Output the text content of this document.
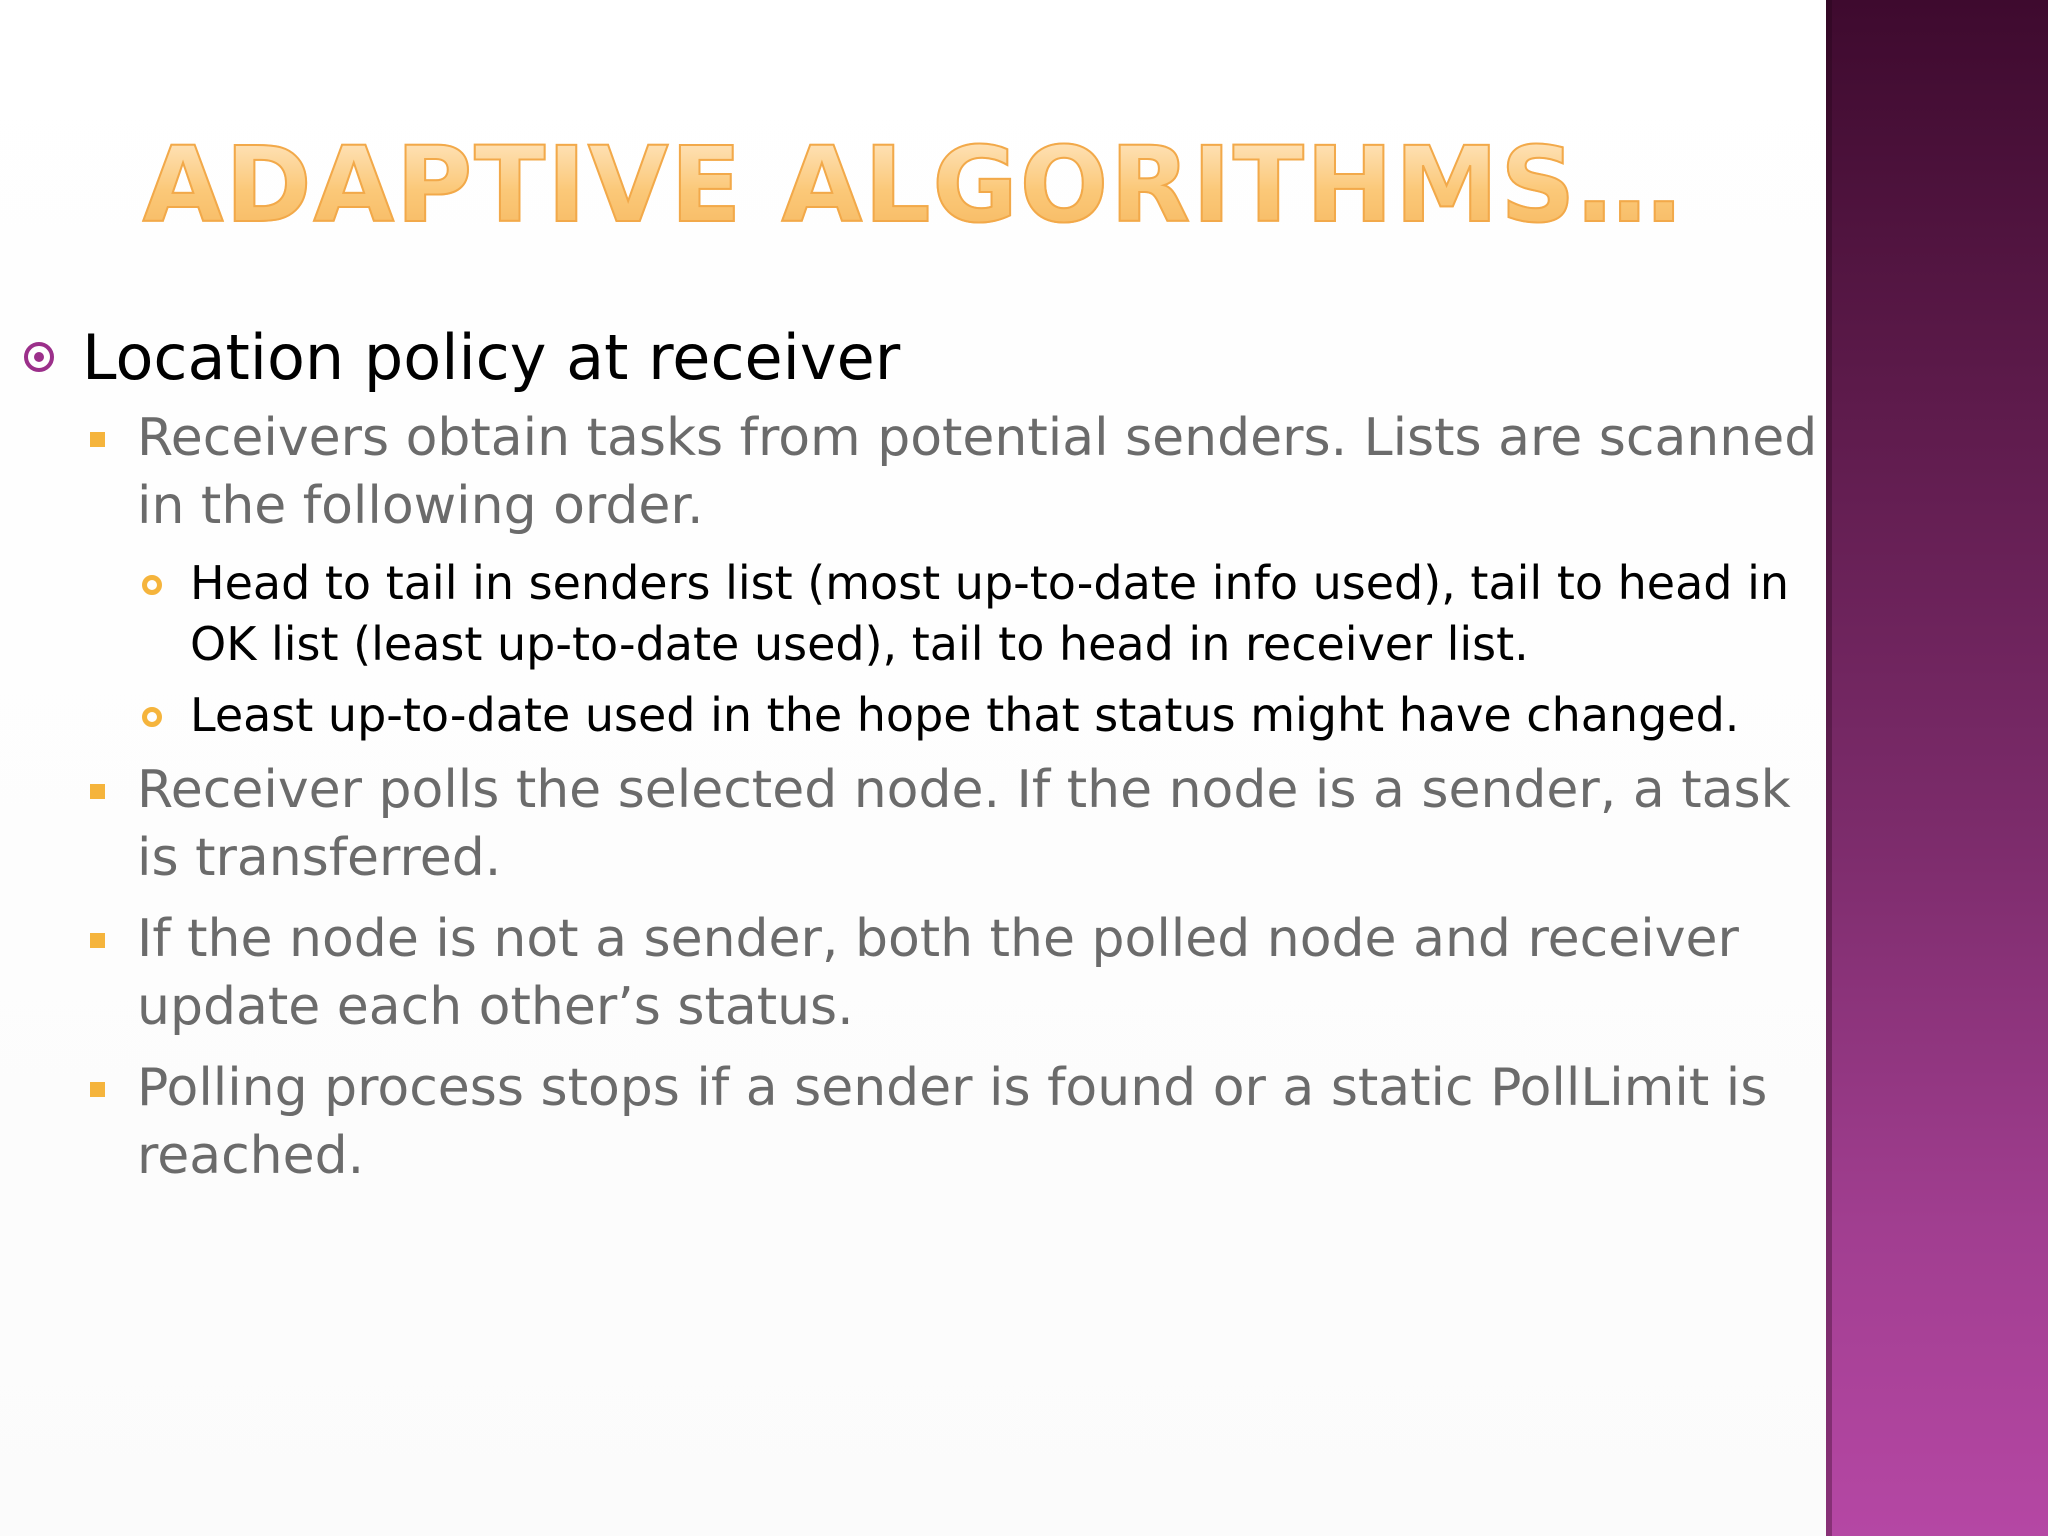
ADAPTIVE ALGORITHMS…
Location policy at receiver
Receivers obtain tasks from potential senders. Lists are scanned in the following order.
Head to tail in senders list (most up-to-date info used), tail to head in OK list (least up-to-date used), tail to head in receiver list.
Least up-to-date used in the hope that status might have changed.
Receiver polls the selected node. If the node is a sender, a task is transferred.
If the node is not a sender, both the polled node and receiver update each other’s status.
Polling process stops if a sender is found or a static PollLimit is reached.
